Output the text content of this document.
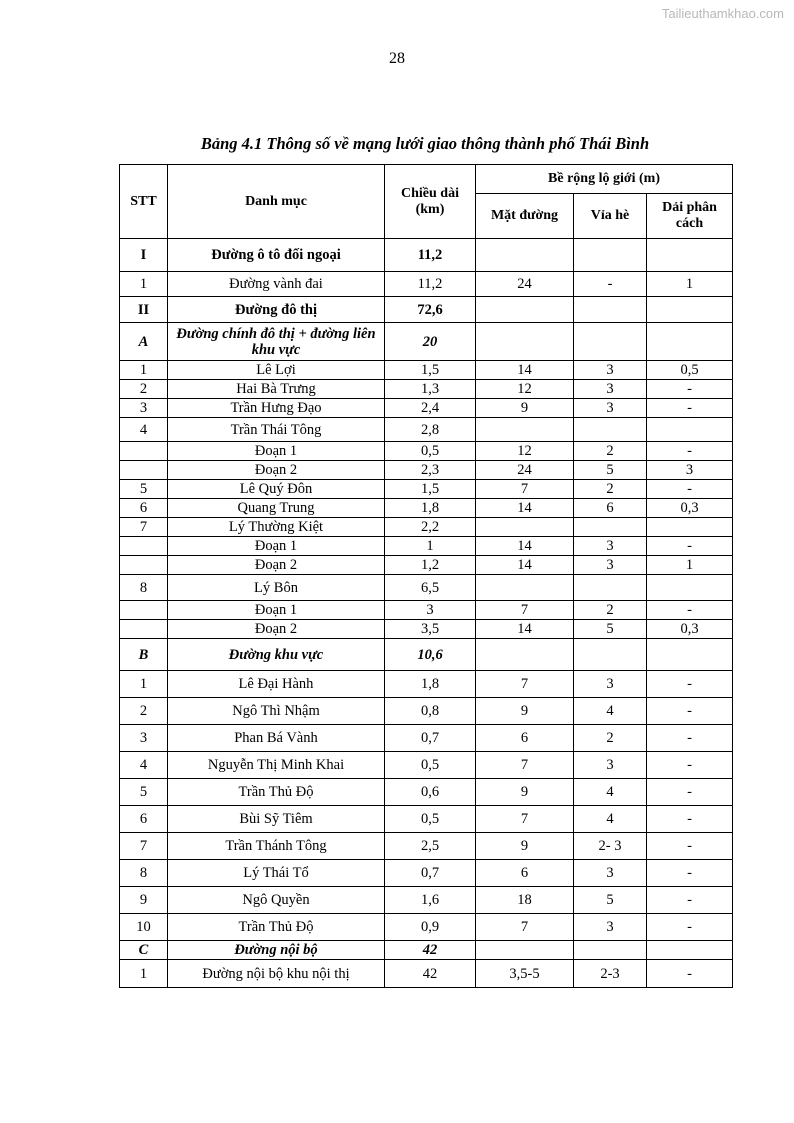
Tailieuthamkhao.com
28
Bảng 4.1 Thông số về mạng lưới giao thông thành phố Thái Bình
STT	Danh mục	Chiều dài (km)	Bề rộng lộ giới (m)		
			Mặt đường	Vỉa hè	Dải phân cách
I	Đường ô tô đối ngoại	11,2			
1	Đường vành đai	11,2	24	-	1
II	Đường đô thị	72,6			
A	Đường chính đô thị + đường liên khu vực	20			
1	Lê Lợi	1,5	14	3	0,5
2	Hai Bà Trưng	1,3	12	3	-
3	Trần Hưng Đạo	2,4	9	3	-
4	Trần Thái Tông	2,8			
	Đoạn 1	0,5	12	2	-
	Đoạn 2	2,3	24	5	3
5	Lê Quý Đôn	1,5	7	2	-
6	Quang Trung	1,8	14	6	0,3
7	Lý Thường Kiệt	2,2			
	Đoạn 1	1	14	3	-
	Đoạn 2	1,2	14	3	1
8	Lý Bôn	6,5			
	Đoạn 1	3	7	2	-
	Đoạn 2	3,5	14	5	0,3
B	Đường khu vực	10,6			
1	Lê Đại Hành	1,8	7	3	-
2	Ngô Thì Nhậm	0,8	9	4	-
3	Phan Bá Vành	0,7	6	2	-
4	Nguyễn Thị Minh Khai	0,5	7	3	-
5	Trần Thủ Độ	0,6	9	4	-
6	Bùi Sỹ Tiêm	0,5	7	4	-
7	Trần Thánh Tông	2,5	9	2- 3	-
8	Lý Thái Tổ	0,7	6	3	-
9	Ngô Quyền	1,6	18	5	-
10	Trần Thủ Độ	0,9	7	3	-
C	Đường nội bộ	42			
1	Đường nội bộ khu nội thị	42	3,5-5	2-3	-
